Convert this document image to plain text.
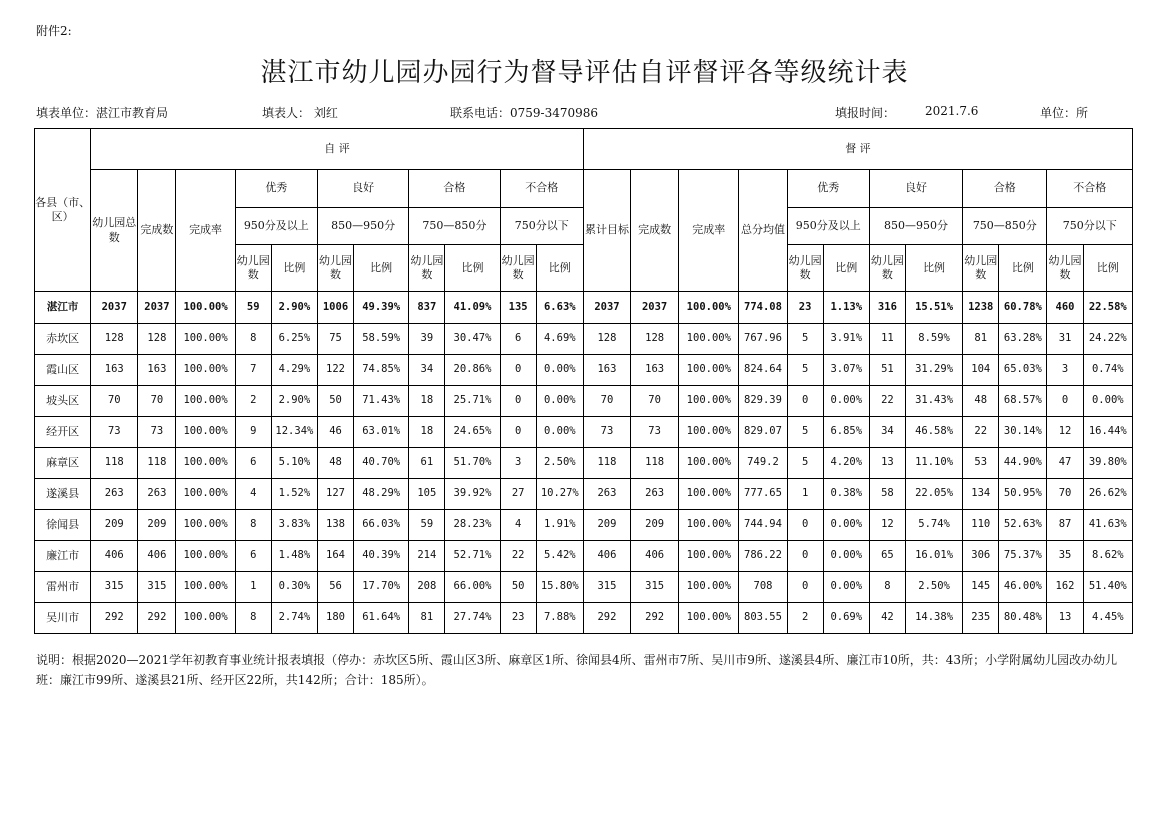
附件2:
湛江市幼儿园办园行为督导评估自评督评各等级统计表
填表单位：湛江市教育局	填表人： 刘红	联系电话：0759-3470986	填报时间： 2021.7.6	单位：所
各县（市、区）	自 评											督 评											
	幼儿园总数	完成数	完成率	优秀		良好		合格		不合格		累计目标	完成数	完成率	总分均值	优秀		良好		合格		不合格	
				950分及以上		850—950分		750—850分		750分以下						950分及以上		850—950分		750—850分		750分以下	
				幼儿园数	比例	幼儿园数	比例	幼儿园数	比例	幼儿园数	比例					幼儿园数	比例	幼儿园数	比例	幼儿园数	比例	幼儿园数	比例
湛江市	2037	2037	100.00%	59	2.90%	1006	49.39%	837	41.09%	135	6.63%	2037	2037	100.00%	774.08	23	1.13%	316	15.51%	1238	60.78%	460	22.58%
赤坎区	128	128	100.00%	8	6.25%	75	58.59%	39	30.47%	6	4.69%	128	128	100.00%	767.96	5	3.91%	11	8.59%	81	63.28%	31	24.22%
霞山区	163	163	100.00%	7	4.29%	122	74.85%	34	20.86%	0	0.00%	163	163	100.00%	824.64	5	3.07%	51	31.29%	104	65.03%	3	0.74%
坡头区	70	70	100.00%	2	2.90%	50	71.43%	18	25.71%	0	0.00%	70	70	100.00%	829.39	0	0.00%	22	31.43%	48	68.57%	0	0.00%
经开区	73	73	100.00%	9	12.34%	46	63.01%	18	24.65%	0	0.00%	73	73	100.00%	829.07	5	6.85%	34	46.58%	22	30.14%	12	16.44%
麻章区	118	118	100.00%	6	5.10%	48	40.70%	61	51.70%	3	2.50%	118	118	100.00%	749.2	5	4.20%	13	11.10%	53	44.90%	47	39.80%
遂溪县	263	263	100.00%	4	1.52%	127	48.29%	105	39.92%	27	10.27%	263	263	100.00%	777.65	1	0.38%	58	22.05%	134	50.95%	70	26.62%
徐闻县	209	209	100.00%	8	3.83%	138	66.03%	59	28.23%	4	1.91%	209	209	100.00%	744.94	0	0.00%	12	5.74%	110	52.63%	87	41.63%
廉江市	406	406	100.00%	6	1.48%	164	40.39%	214	52.71%	22	5.42%	406	406	100.00%	786.22	0	0.00%	65	16.01%	306	75.37%	35	8.62%
雷州市	315	315	100.00%	1	0.30%	56	17.70%	208	66.00%	50	15.80%	315	315	100.00%	708	0	0.00%	8	2.50%	145	46.00%	162	51.40%
吴川市	292	292	100.00%	8	2.74%	180	61.64%	81	27.74%	23	7.88%	292	292	100.00%	803.55	2	0.69%	42	14.38%	235	80.48%	13	4.45%
说明：根据2020—2021学年初教育事业统计报表填报（停办：赤坎区5所、霞山区3所、麻章区1所、徐闻县4所、雷州市7所、吴川市9所、遂溪县4所、廉江市10所，共：43所；小学附属幼儿园改办幼儿班：廉江市99所、遂溪县21所、经开区22所，共142所；合计：185所）。
